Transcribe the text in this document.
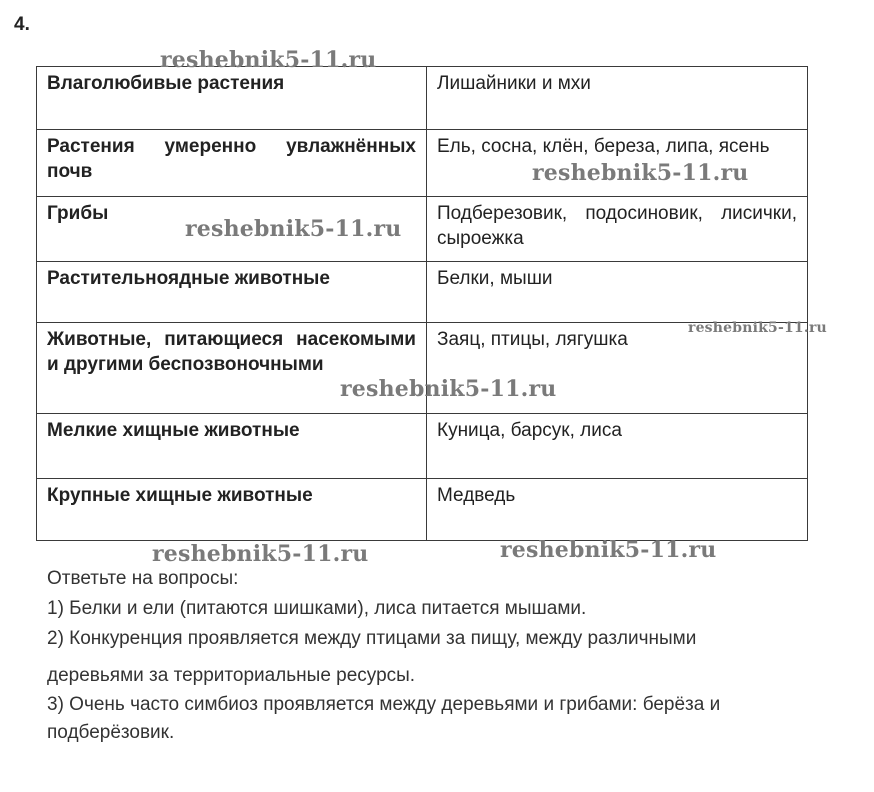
4.
Влаголюбивые растения	Лишайники и мхи
Растения умеренно увлажнённых почв	Ель, сосна, клён, береза, липа, ясень
Грибы	Подберезовик, подосиновик, лисички, сыроежка
Растительноядные животные	Белки, мыши
Животные, питающиеся насекомыми и другими беспозвоночными	Заяц, птицы, лягушка
Мелкие хищные животные	Куница, барсук, лиса
Крупные хищные животные	Медведь

Ответьте на вопросы:

1) Белки и ели (питаются шишками), лиса питается мышами.

2) Конкуренция проявляется между птицами за пищу, между различными

деревьями за территориальные ресурсы.

3) Очень часто симбиоз проявляется между деревьями и грибами: берёза и

подберёзовик.

reshebnik5-11.ru
reshebnik5-11.ru
reshebnik5-11.ru
reshebnik5-11.ru
reshebnik5-11.ru
reshebnik5-11.ru	reshebnik5-11.ru
